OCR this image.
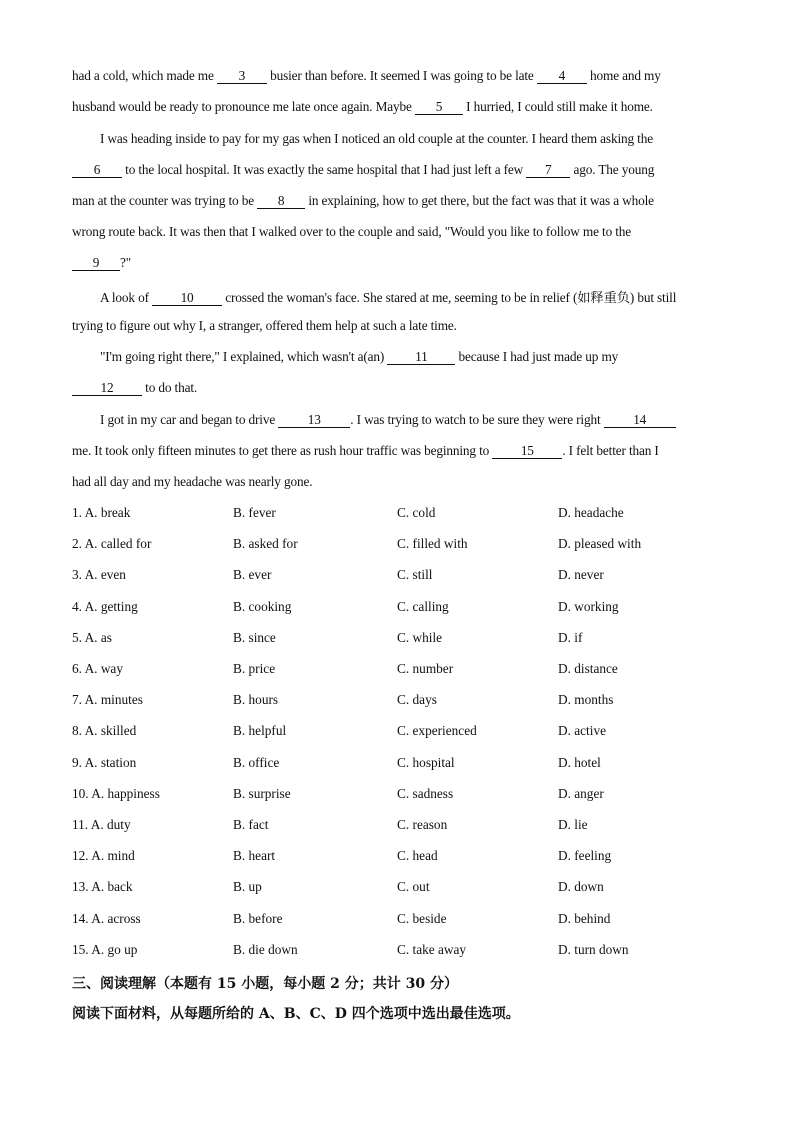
had a cold, which made me 3 busier than before. It seemed I was going to be late 4 home and my
husband would be ready to pronounce me late once again. Maybe 5 I hurried, I could still make it home.
I was heading inside to pay for my gas when I noticed an old couple at the counter. I heard them asking the
6 to the local hospital. It was exactly the same hospital that I had just left a few 7 ago. The young
man at the counter was trying to be 8 in explaining, how to get there, but the fact was that it was a whole
wrong route back. It was then that I walked over to the couple and said, "Would you like to follow me to the
9 ?"
A look of 10 crossed the woman's face. She stared at me, seeming to be in relief (如释重负) but still
trying to figure out why I, a stranger, offered them help at such a late time.
"I'm going right there," I explained, which wasn't a(an) 11 because I had just made up my
12 to do that.
I got in my car and began to drive 13 . I was trying to watch to be sure they were right 14
me. It took only fifteen minutes to get there as rush hour traffic was beginning to 15 . I felt better than I
had all day and my headache was nearly gone.
1. A. break	B. fever	C. cold	D. headache
2. A. called for	B. asked for	C. filled with	D. pleased with
3. A. even	B. ever	C. still	D. never
4. A. getting	B. cooking	C. calling	D. working
5. A. as	B. since	C. while	D. if
6. A. way	B. price	C. number	D. distance
7. A. minutes	B. hours	C. days	D. months
8. A. skilled	B. helpful	C. experienced	D. active
9. A. station	B. office	C. hospital	D. hotel
10. A. happiness	B. surprise	C. sadness	D. anger
11. A. duty	B. fact	C. reason	D. lie
12. A. mind	B. heart	C. head	D. feeling
13. A. back	B. up	C. out	D. down
14. A. across	B. before	C. beside	D. behind
15. A. go up	B. die down	C. take away	D. turn down
三、阅读理解（本题有 15 小题，每小题 2 分；共计 30 分）
阅读下面材料，从每题所给的 A、B、C、D 四个选项中选出最佳选项。
